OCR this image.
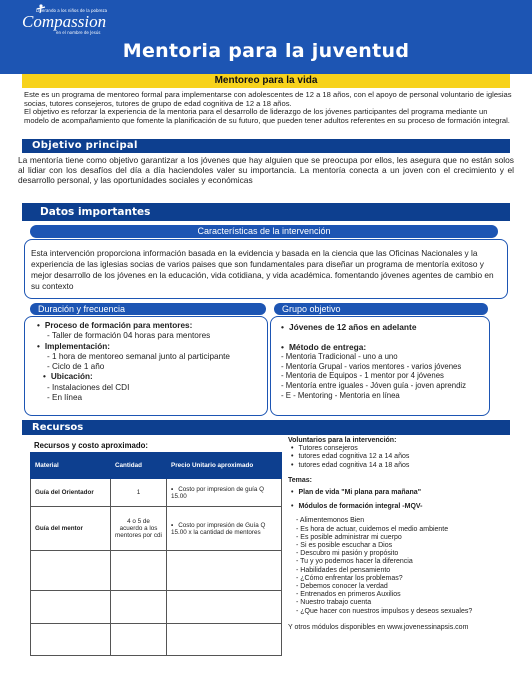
Liberando a los niños de la pobreza
Compassion
en el nombre de Jesús
Mentoria para la juventud
Mentoreo para la vida

Este es un programa de mentoreo formal para implementarse con adolescentes de 12 a 18 años, con el apoyo de personal voluntario de iglesias socias, tutores consejeros, tutores de grupo de edad cognitiva de 12 a 18 años.

El objetivo es reforzar la experiencia de la mentoria para el desarrollo de liderazgo de los jóvenes participantes del programa mediante un modelo de acompañamiento que fomente la planificación de su futuro, que pueden tener adultos referentes en su proceso de formación integral.

Objetivo principal
La mentoría tiene como objetivo garantizar a los jóvenes que hay alguien que se preocupa por ellos, les asegura que no están solos al lidiar con los desafíos del día a día haciendoles valer su importancia. La mentoría conecta a un joven con el crecimiento y el desarrollo personal, y las oportunidades sociales y económicas
Datos importantes
Características de la intervención

Esta intervención proporciona información basada en la evidencia y basada en la ciencia que las Oficinas Nacionales y la experiencia de las iglesias socias de varios paises que son fundamentales para diseñar un programa de mentoría exitoso y mejor desarrollo de los jóvenes en la educación, vida cotidiana, y vida académica. fomentando jóvenes agentes de cambio en su contexto

Duración y frecuencia
• Proceso de formación para mentores:
- Taller de formación 04 horas para mentores
• Implementación:
- 1 hora de mentoreo semanal junto al participante
- Ciclo de 1 año
• Ubicación:
- Instalaciones del CDI
- En línea
Grupo objetivo
• Jóvenes de 12 años en adelante
• Método de entrega:
- Mentoria Tradicional - uno a uno
- Mentoría Grupal - varios mentores - varios jóvenes
- Mentoria de Equipos - 1 mentor por 4 jóvenes
- Mentoría entre iguales - Jóven guía - joven aprendiz
- E - Mentoring - Mentoria en línea
Recursos
Recursos y costo aproximado:
Material	Cantidad	Precio Unitario aproximado
Guía del Orientador	1	•Costo por impresion de guía Q 15.00
Guía del mentor	4 o 5 de acuerdo a los mentores por cdi	• Costo por impresión de Guía Q 15.00 x la cantidad de mentores

Voluntarios para la intervención:
• Tutores consejeros
• tutores edad cognitiva 12 a 14 años
• tutores edad cognitiva 14 a 18 años
Temas:
• Plan de vida "Mi plana para mañana"
• Módulos de formación integral -MQV-
- Alimentemonos Bien
- Es hora de actuar, cuidemos el medio ambiente
- Es posible administrar mi cuerpo
- Si es posible escuchar a Dios
- Descubro mi pasión y propósito
- Tu y yo podemos hacer la diferencia
- Habilidades del pensamiento
- ¿Cómo enfrentar los problemas?
- Debemos conocer la verdad
- Entrenados en primeros Auxilios
- Nuestro trabajo cuenta
- ¿Que hacer con nuestros impulsos y deseos sexuales?
Y otros módulos disponibles en www.jovenessinapsis.com
